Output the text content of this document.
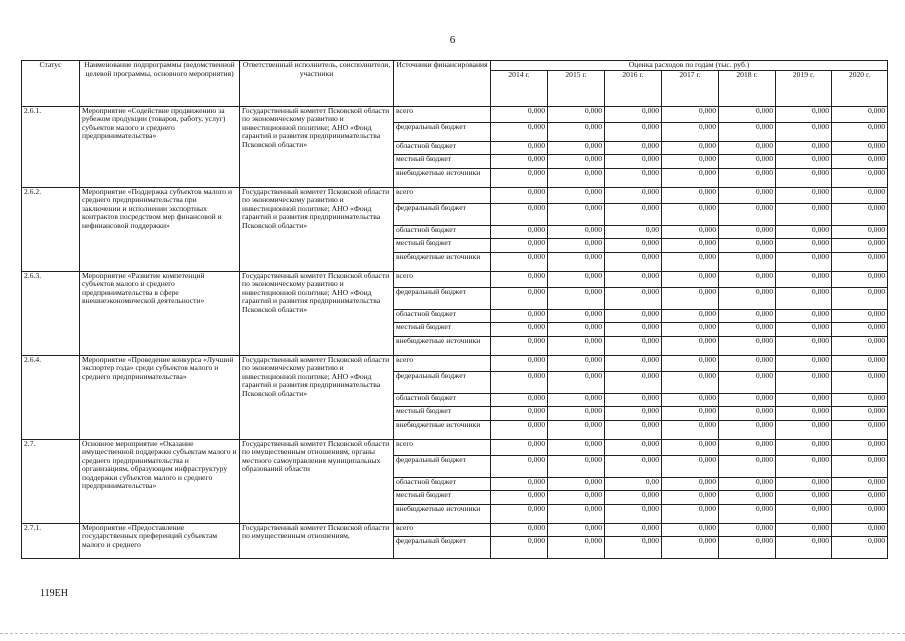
6
Статус	Наименование подпрограммы (ведомственной целевой программы, основного мероприятия)	Ответственный исполнитель, соисполнители, участники	Источники финансирования	Оценка расходов по годам (тыс. руб.)						
				2014 г.	2015 г.	2016 г.	2017 г.	2018 г.	2019 г.	2020 г.
2.6.1.	Мероприятие «Содействие продвижению за рубежом продукции (товаров, работу, услуг) субъектов малого и среднего предпринимательства»	Государственный комитет Псковской области по экономическому развитию и инвестиционной политике; АНО «Фонд гарантий и развития предпринимательства Псковской области»	всего	0,000	0,000	0,000	0,000	0,000	0,000	0,000
			федеральный бюджет	0,000	0,000	0,000	0,000	0,000	0,000	0,000
			областной бюджет	0,000	0,000	0,000	0,000	0,000	0,000	0,000
			местный бюджет	0,000	0,000	0,000	0,000	0,000	0,000	0,000
			внебюджетные источники	0,000	0,000	0,000	0,000	0,000	0,000	0,000
2.6.2.	Мероприятие «Поддержка субъектов малого и среднего предпринимательства при заключении и исполнении экспортных контрактов посредством мер финансовой и нефинансовой поддержки»	Государственный комитет Псковской области по экономическому развитию и инвестиционной политике; АНО «Фонд гарантий и развития предпринимательства Псковской области»	всего	0,000	0,000	0,000	0,000	0,000	0,000	0,000
			федеральный бюджет	0,000	0,000	0,000	0,000	0,000	0,000	0,000
			областной бюджет	0,000	0,000	0,00	0,000	0,000	0,000	0,000
			местный бюджет	0,000	0,000	0,000	0,000	0,000	0,000	0,000
			внебюджетные источники	0,000	0,000	0,000	0,000	0,000	0,000	0,000
2.6.3.	Мероприятие «Развитие компетенций субъектов малого и среднего предпринимательства в сфере внешнеэкономической деятельности»	Государственный комитет Псковской области по экономическому развитию и инвестиционной политике; АНО «Фонд гарантий и развития предпринимательства Псковской области»	всего	0,000	0,000	0,000	0,000	0,000	0,000	0,000
			федеральный бюджет	0,000	0,000	0,000	0,000	0,000	0,000	0,000
			областной бюджет	0,000	0,000	0,000	0,000	0,000	0,000	0,000
			местный бюджет	0,000	0,000	0,000	0,000	0,000	0,000	0,000
			внебюджетные источники	0,000	0,000	0,000	0,000	0,000	0,000	0,000
2.6.4.	Мероприятие «Проведение конкурса «Лучший экспортер года» среди субъектов малого и среднего предпринимательства»	Государственный комитет Псковской области по экономическому развитию и инвестиционной политике; АНО «Фонд гарантий и развития предпринимательства Псковской области»	всего	0,000	0,000	0,000	0,000	0,000	0,000	0,000
			федеральный бюджет	0,000	0,000	0,000	0,000	0,000	0,000	0,000
			областной бюджет	0,000	0,000	0,000	0,000	0,000	0,000	0,000
			местный бюджет	0,000	0,000	0,000	0,000	0,000	0,000	0,000
			внебюджетные источники	0,000	0,000	0,000	0,000	0,000	0,000	0,000
2.7.	Основное мероприятие «Оказание имущественной поддержки субъектам малого и среднего предпринимательства и организациям, образующим инфраструктуру поддержки субъектов малого и среднего предпринимательства»	Государственный комитет Псковской области по имущественным отношениям, органы местного самоуправления муниципальных образований области	всего	0,000	0,000	0,000	0,000	0,000	0,000	0,000
			федеральный бюджет	0,000	0,000	0,000	0,000	0,000	0,000	0,000
			областной бюджет	0,000	0,000	0,00	0,000	0,000	0,000	0,000
			местный бюджет	0,000	0,000	0,000	0,000	0,000	0,000	0,000
			внебюджетные источники	0,000	0,000	0,000	0,000	0,000	0,000	0,000
2.7.1.	Мероприятие «Предоставление государственных преференций субъектам малого и среднего	Государственный комитет Псковской области по имущественным отношениям,	всего	0,000	0,000	0,000	0,000	0,000	0,000	0,000
			федеральный бюджет	0,000	0,000	0,000	0,000	0,000	0,000	0,000
119ЕН
